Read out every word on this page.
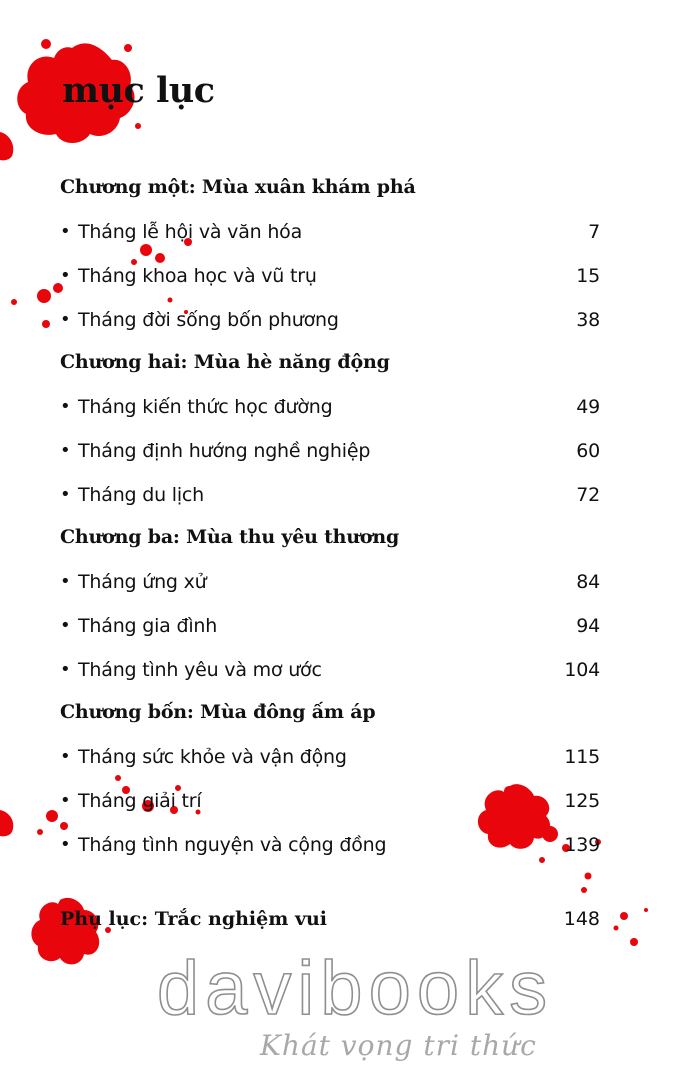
mục lục
Chương một: Mùa xuân khám phá
• Tháng lễ hội và văn hóa	7
• Tháng khoa học và vũ trụ	15
• Tháng đời sống bốn phương	38
Chương hai: Mùa hè năng động
• Tháng kiến thức học đường	49
• Tháng định hướng nghề nghiệp	60
• Tháng du lịch	72
Chương ba: Mùa thu yêu thương
• Tháng ứng xử	84
• Tháng gia đình	94
• Tháng tình yêu và mơ ước	104
Chương bốn: Mùa đông ấm áp
• Tháng sức khỏe và vận động	115
• Tháng giải trí	125
• Tháng tình nguyện và cộng đồng	139
Phụ lục: Trắc nghiệm vui	148
davibooks
Khát vọng tri thức
